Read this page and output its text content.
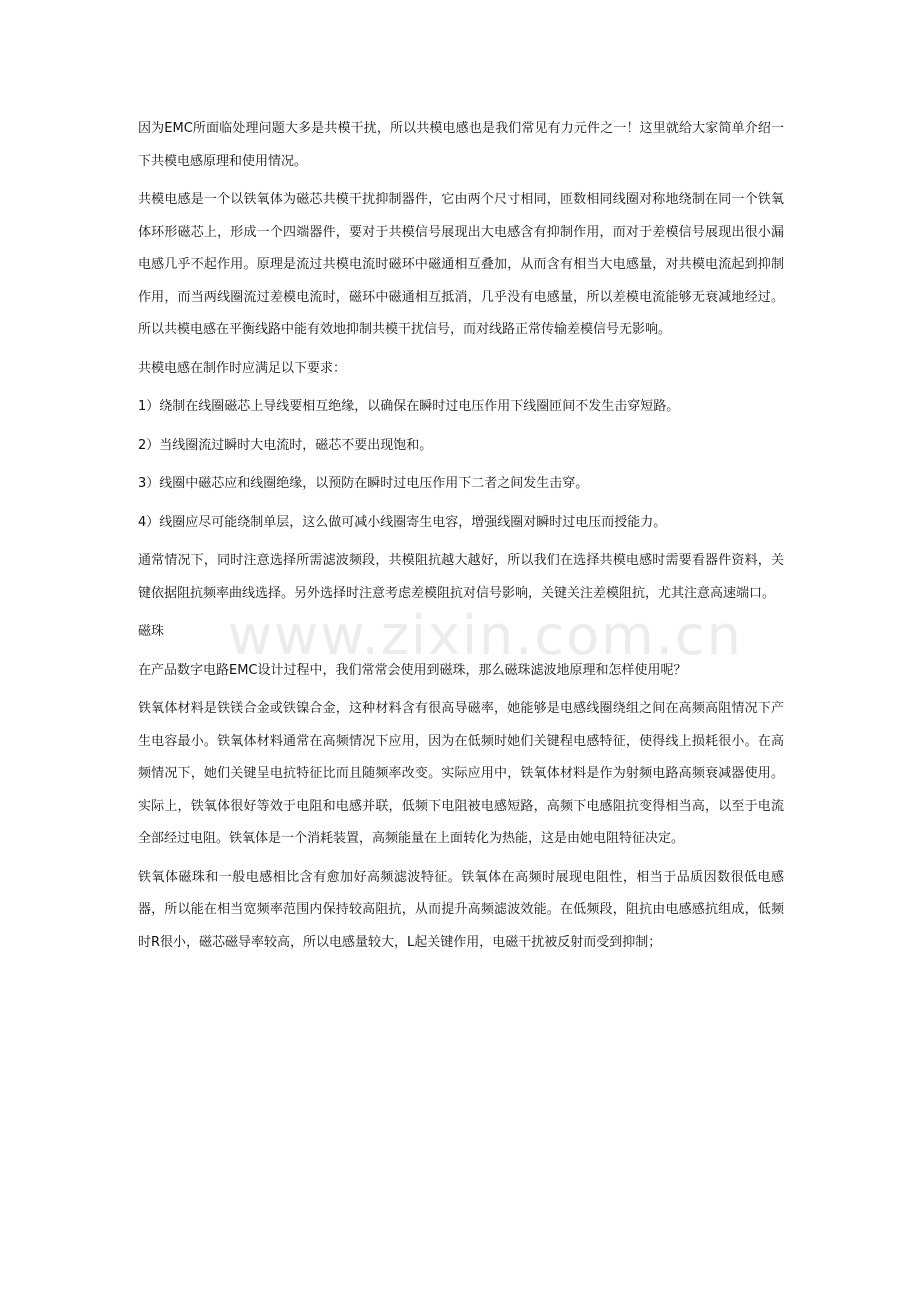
www.zixin.com.cn

因为EMC所面临处理问题大多是共模干扰，所以共模电感也是我们常见有力元件之一！这里就给大家简单介绍一下共模电感原理和使用情况。

共模电感是一个以铁氧体为磁芯共模干扰抑制器件，它由两个尺寸相同，匝数相同线圈对称地绕制在同一个铁氧体环形磁芯上，形成一个四端器件，要对于共模信号展现出大电感含有抑制作用，而对于差模信号展现出很小漏电感几乎不起作用。原理是流过共模电流时磁环中磁通相互叠加，从而含有相当大电感量，对共模电流起到抑制作用，而当两线圈流过差模电流时，磁环中磁通相互抵消，几乎没有电感量，所以差模电流能够无衰减地经过。所以共模电感在平衡线路中能有效地抑制共模干扰信号，而对线路正常传输差模信号无影响。

共模电感在制作时应满足以下要求：

1）绕制在线圈磁芯上导线要相互绝缘，以确保在瞬时过电压作用下线圈匝间不发生击穿短路。

2）当线圈流过瞬时大电流时，磁芯不要出现饱和。

3）线圈中磁芯应和线圈绝缘，以预防在瞬时过电压作用下二者之间发生击穿。

4）线圈应尽可能绕制单层，这么做可减小线圈寄生电容，增强线圈对瞬时过电压而授能力。

通常情况下，同时注意选择所需滤波频段，共模阻抗越大越好，所以我们在选择共模电感时需要看器件资料，关键依据阻抗频率曲线选择。另外选择时注意考虑差模阻抗对信号影响，关键关注差模阻抗，尤其注意高速端口。

磁珠

在产品数字电路EMC设计过程中，我们常常会使用到磁珠，那么磁珠滤波地原理和怎样使用呢？

铁氧体材料是铁镁合金或铁镍合金，这种材料含有很高导磁率，她能够是电感线圈绕组之间在高频高阻情况下产生电容最小。铁氧体材料通常在高频情况下应用，因为在低频时她们关键程电感特征，使得线上损耗很小。在高频情况下，她们关键呈电抗特征比而且随频率改变。实际应用中，铁氧体材料是作为射频电路高频衰减器使用。实际上，铁氧体很好等效于电阻和电感并联，低频下电阻被电感短路，高频下电感阻抗变得相当高，以至于电流全部经过电阻。铁氧体是一个消耗装置，高频能量在上面转化为热能，这是由她电阻特征决定。

铁氧体磁珠和一般电感相比含有愈加好高频滤波特征。铁氧体在高频时展现电阻性，相当于品质因数很低电感器，所以能在相当宽频率范围内保持较高阻抗，从而提升高频滤波效能。在低频段，阻抗由电感感抗组成，低频时R很小，磁芯磁导率较高，所以电感量较大，L起关键作用，电磁干扰被反射而受到抑制；
